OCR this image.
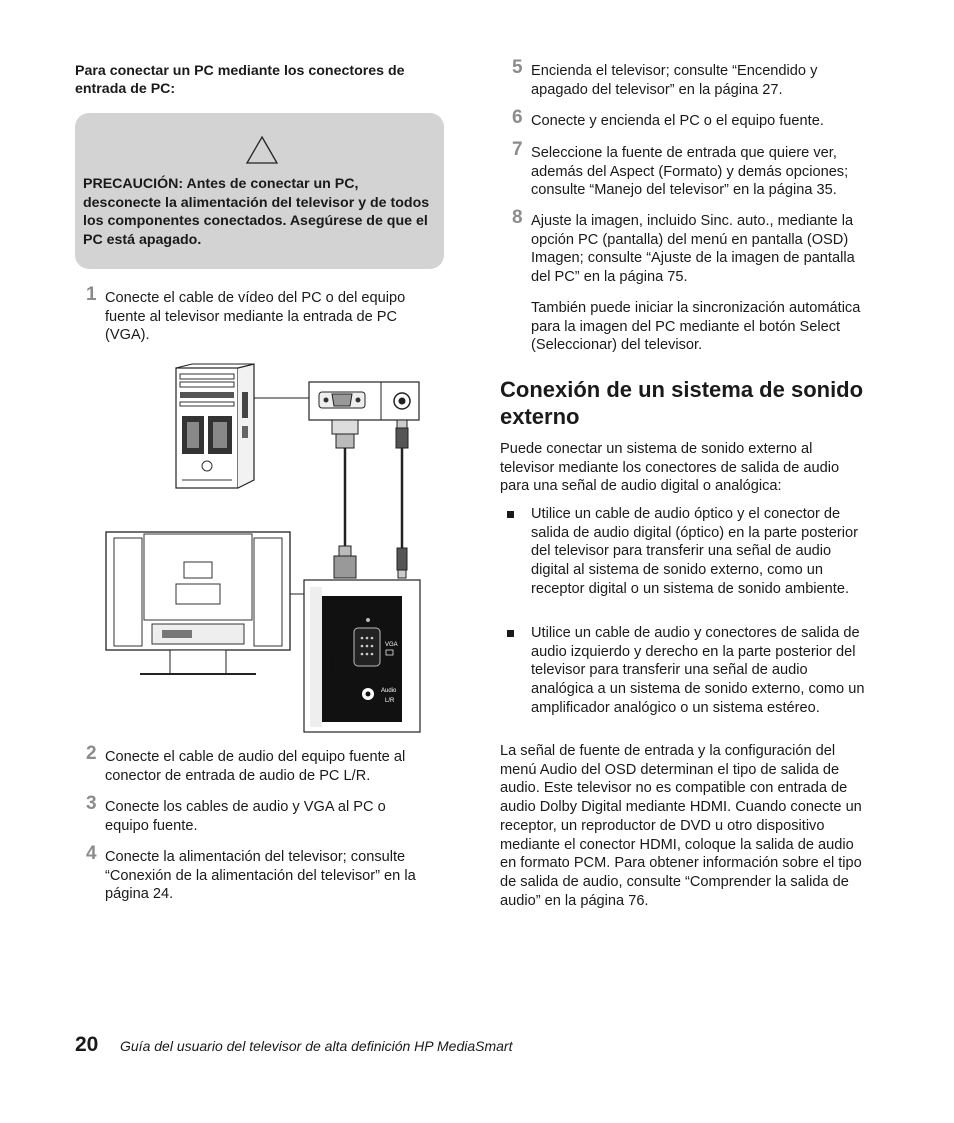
Para conectar un PC mediante los conectores de entrada de PC:
PRECAUCIÓN: Antes de conectar un PC, desconecte la alimentación del televisor y de todos los componentes conectados. Asegúrese de que el PC está apagado.
1 Conecte el cable de vídeo del PC o del equipo fuente al televisor mediante la entrada de PC (VGA).
PC Input
VGA
Audio
L/R
2 Conecte el cable de audio del equipo fuente al conector de entrada de audio de PC L/R.
3 Conecte los cables de audio y VGA al PC o equipo fuente.
4 Conecte la alimentación del televisor; consulte “Conexión de la alimentación del televisor” en la página 24.
5 Encienda el televisor; consulte “Encendido y apagado del televisor” en la página 27.
6 Conecte y encienda el PC o el equipo fuente.
7 Seleccione la fuente de entrada que quiere ver, además del Aspect (Formato) y demás opciones; consulte “Manejo del televisor” en la página 35.
8 Ajuste la imagen, incluido Sinc. auto., mediante la opción PC (pantalla) del menú en pantalla (OSD) Imagen; consulte “Ajuste de la imagen de pantalla del PC” en la página 75.
También puede iniciar la sincronización automática para la imagen del PC mediante el botón Select (Seleccionar) del televisor.
Conexión de un sistema de sonido externo
Puede conectar un sistema de sonido externo al televisor mediante los conectores de salida de audio para una señal de audio digital o analógica:
Utilice un cable de audio óptico y el conector de salida de audio digital (óptico) en la parte posterior del televisor para transferir una señal de audio digital al sistema de sonido externo, como un receptor digital o un sistema de sonido ambiente.
Utilice un cable de audio y conectores de salida de audio izquierdo y derecho en la parte posterior del televisor para transferir una señal de audio analógica a un sistema de sonido externo, como un amplificador analógico o un sistema estéreo.
La señal de fuente de entrada y la configuración del menú Audio del OSD determinan el tipo de salida de audio. Este televisor no es compatible con entrada de audio Dolby Digital mediante HDMI. Cuando conecte un receptor, un reproductor de DVD u otro dispositivo mediante el conector HDMI, coloque la salida de audio en formato PCM. Para obtener información sobre el tipo de salida de audio, consulte “Comprender la salida de audio” en la página 76.
20 Guía del usuario del televisor de alta definición HP MediaSmart
